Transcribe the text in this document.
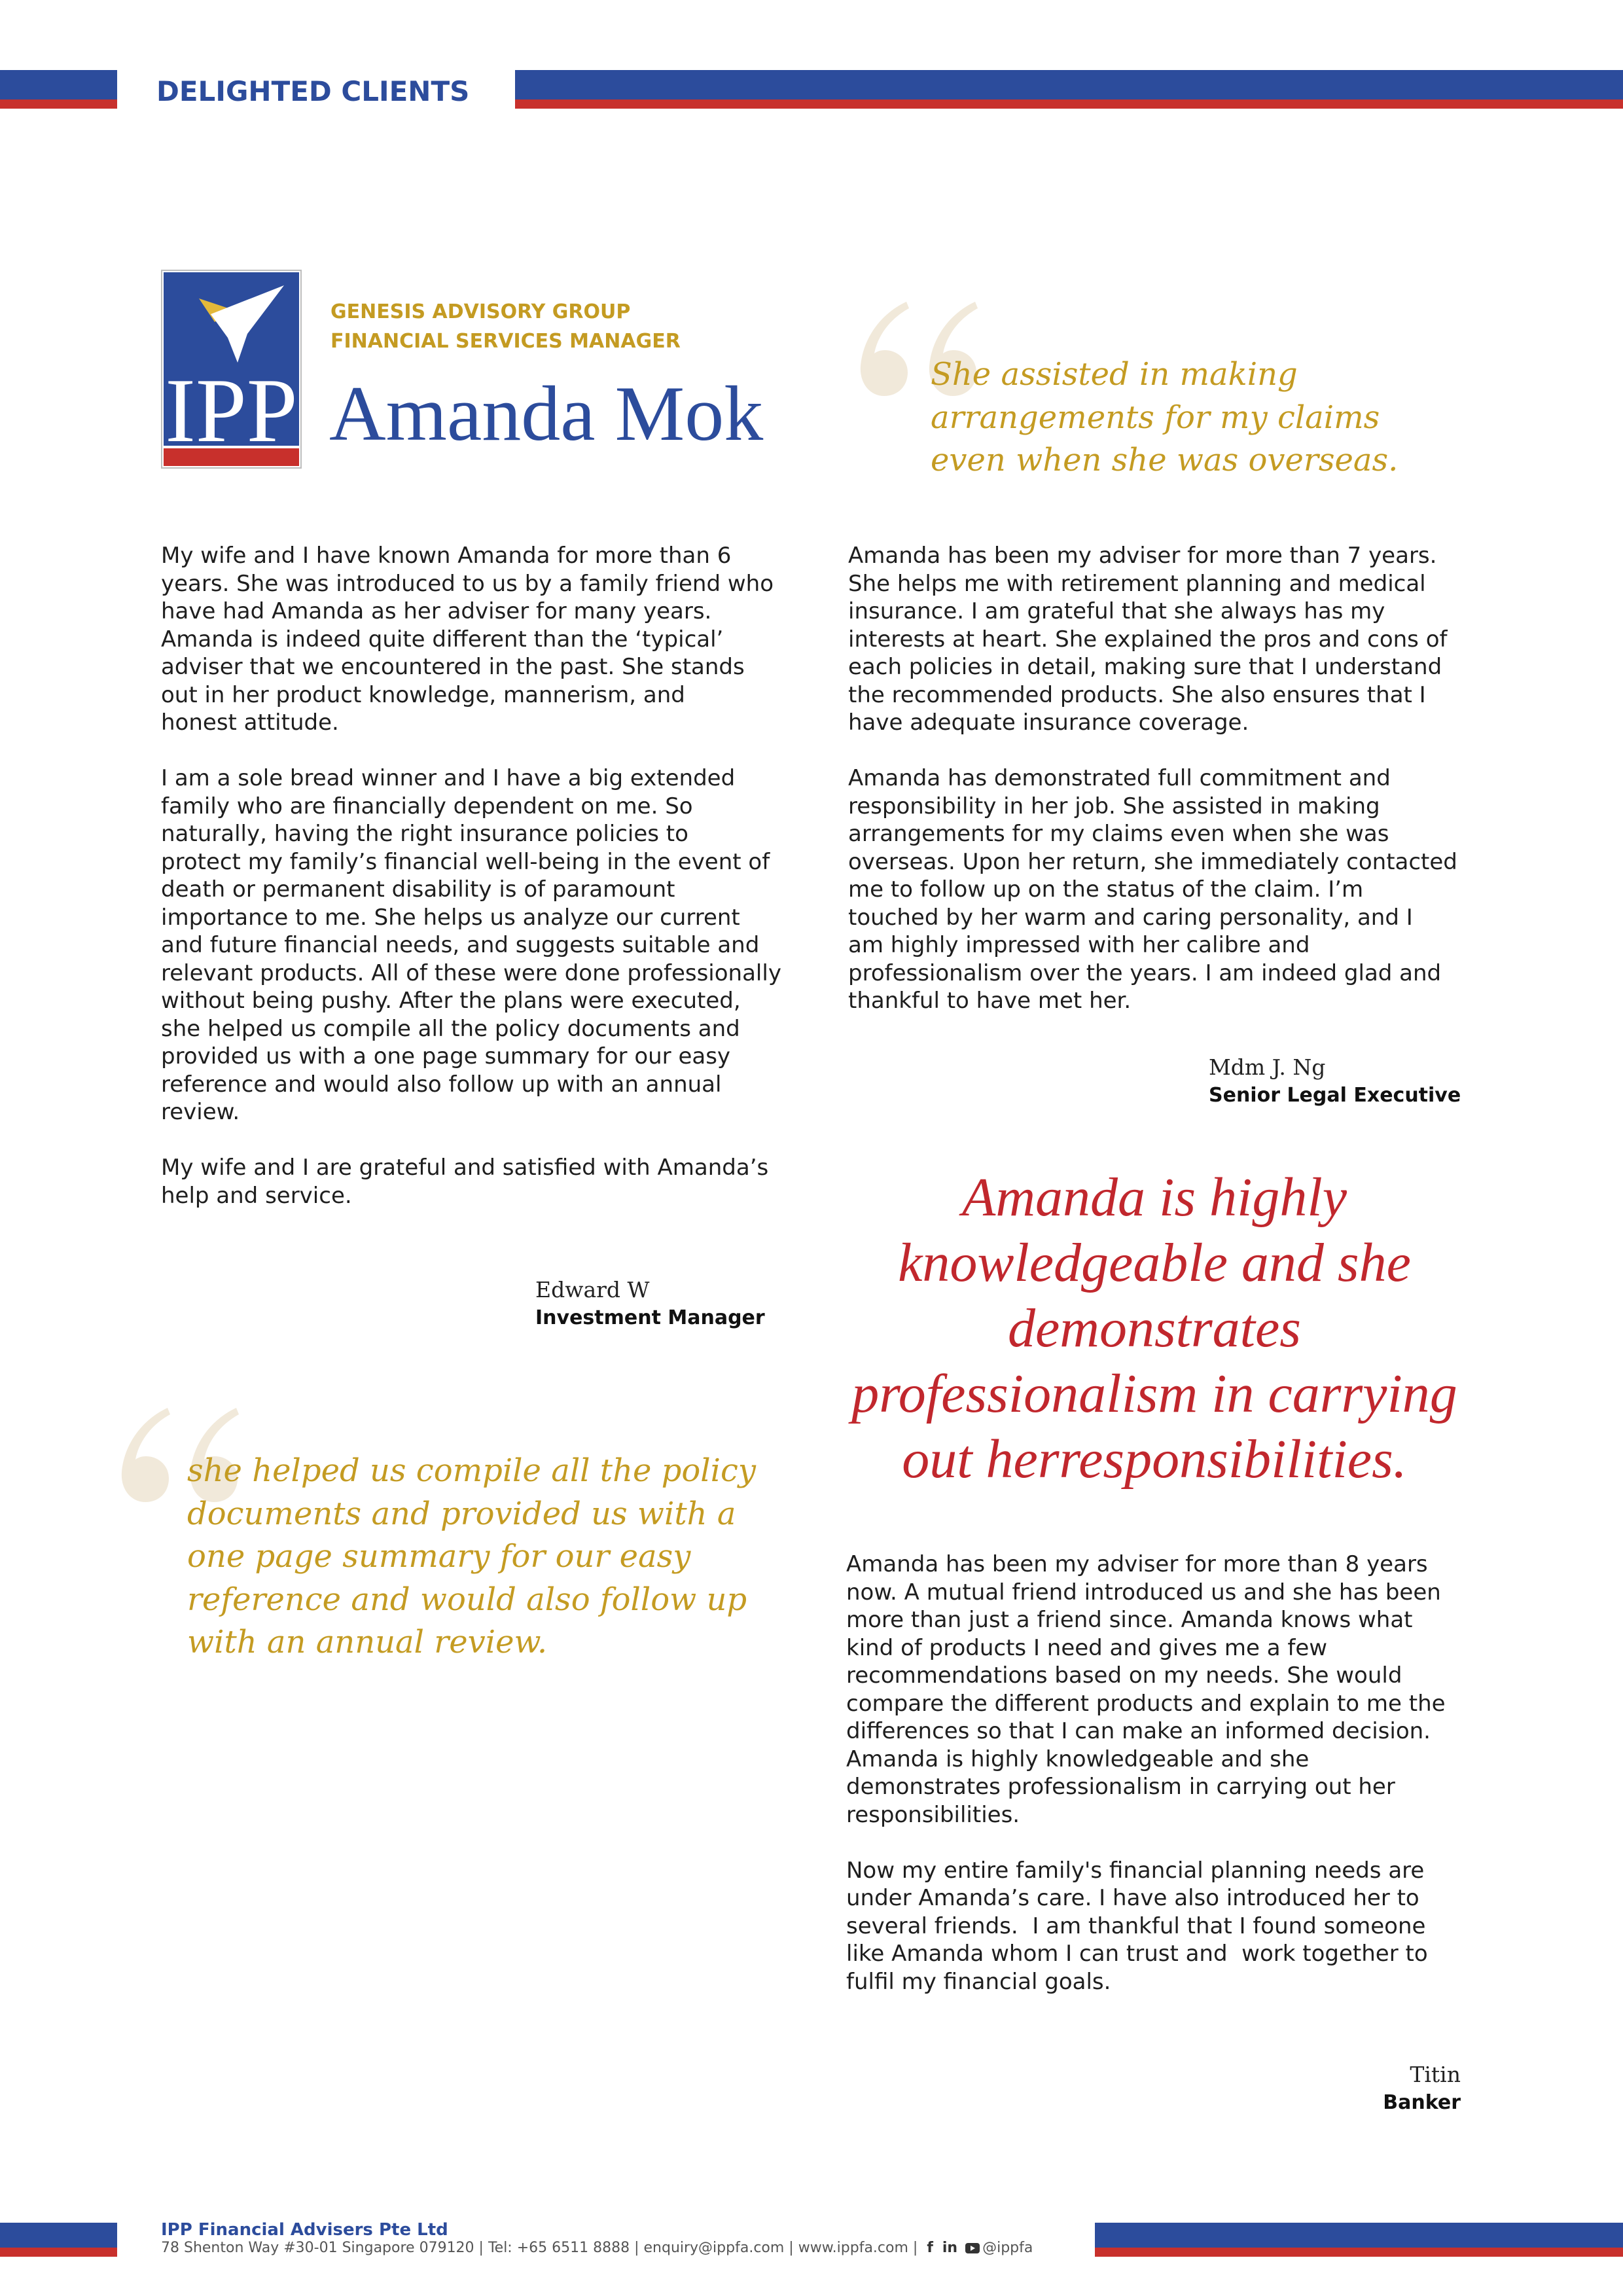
DELIGHTED CLIENTS
IPP
GENESIS ADVISORY GROUP
FINANCIAL SERVICES MANAGER
Amanda Mok	She assisted in making
arrangements for my claims
even when she was overseas.

My wife and I have known Amanda for more than 6
years. She was introduced to us by a family friend who
have had Amanda as her adviser for many years.
Amanda is indeed quite different than the ‘typical’
adviser that we encountered in the past. She stands
out in her product knowledge, mannerism, and
honest attitude.

I am a sole bread winner and I have a big extended
family who are financially dependent on me. So
naturally, having the right insurance policies to
protect my family’s financial well-being in the event of
death or permanent disability is of paramount
importance to me. She helps us analyze our current
and future financial needs, and suggests suitable and
relevant products. All of these were done professionally
without being pushy. After the plans were executed,
she helped us compile all the policy documents and
provided us with a one page summary for our easy
reference and would also follow up with an annual
review.

My wife and I are grateful and satisfied with Amanda’s
help and service.

Edward W
Investment Manager
she helped us compile all the policy
documents and provided us with a
one page summary for our easy
reference and would also follow up
with an annual review.

Amanda has been my adviser for more than 7 years.
She helps me with retirement planning and medical
insurance. I am grateful that she always has my
interests at heart. She explained the pros and cons of
each policies in detail, making sure that I understand
the recommended products. She also ensures that I
have adequate insurance coverage.

Amanda has demonstrated full commitment and
responsibility in her job. She assisted in making
arrangements for my claims even when she was
overseas. Upon her return, she immediately contacted
me to follow up on the status of the claim. I’m
touched by her warm and caring personality, and I
am highly impressed with her calibre and
professionalism over the years. I am indeed glad and
thankful to have met her.

Mdm J. Ng
Senior Legal Executive
Amanda is highly
knowledgeable and she
demonstrates
professionalism in carrying
out herresponsibilities.

Amanda has been my adviser for more than 8 years
now. A mutual friend introduced us and she has been
more than just a friend since. Amanda knows what
kind of products I need and gives me a few
recommendations based on my needs. She would
compare the different products and explain to me the
differences so that I can make an informed decision.
Amanda is highly knowledgeable and she
demonstrates professionalism in carrying out her
responsibilities.

Now my entire family's financial planning needs are
under Amanda’s care. I have also introduced her to
several friends.  I am thankful that I found someone
like Amanda whom I can trust and  work together to
fulfil my financial goals.

Titin
Banker
IPP Financial Advisers Pte Ltd
78 Shenton Way #30-01 Singapore 079120 | Tel: +65 6511 8888 | enquiry@ippfa.com | www.ippfa.com | f in @ippfa
